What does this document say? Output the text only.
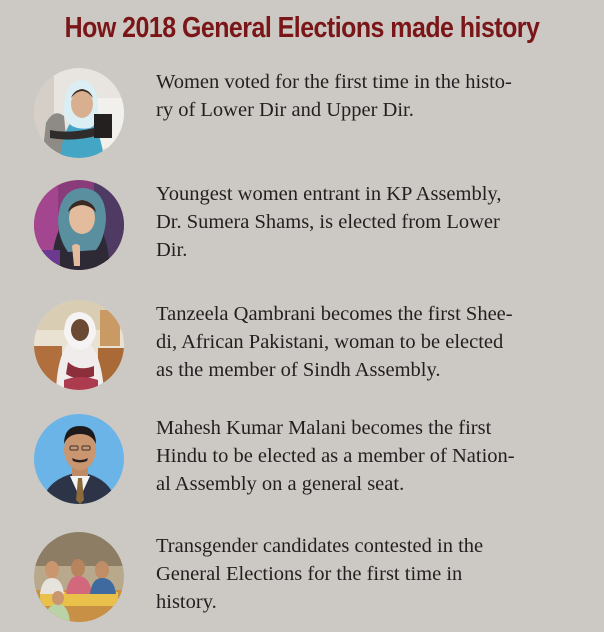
How 2018 General Elections made history
Women voted for the first time in the histo-
ry of Lower Dir and Upper Dir.
Youngest women entrant in KP Assembly,
Dr. Sumera Shams, is elected from Lower
Dir.
Tanzeela Qambrani becomes the first Shee-
di, African Pakistani, woman to be elected
as the member of Sindh Assembly.
Mahesh Kumar Malani becomes the first
Hindu to be elected as a member of Nation-
al Assembly on a general seat.
Transgender candidates contested in the
General Elections for the first time in
history.
